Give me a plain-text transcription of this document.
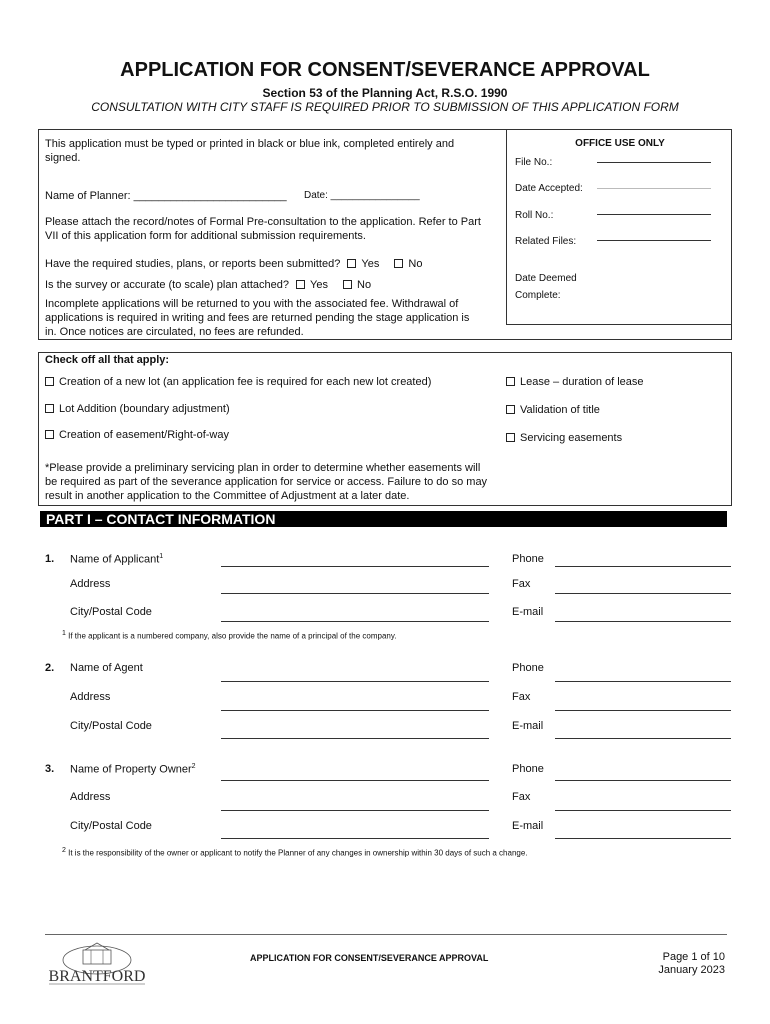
APPLICATION FOR CONSENT/SEVERANCE APPROVAL
Section 53 of the Planning Act, R.S.O. 1990
CONSULTATION WITH CITY STAFF IS REQUIRED PRIOR TO SUBMISSION OF THIS APPLICATION FORM
This application must be typed or printed in black or blue ink, completed entirely and signed.
Name of Planner: _________________________ Date: ________________
Please attach the record/notes of Formal Pre-consultation to the application. Refer to Part VII of this application form for additional submission requirements.
Have the required studies, plans, or reports been submitted? Yes	No
Is the survey or accurate (to scale) plan attached? Yes	No
Incomplete applications will be returned to you with the associated fee. Withdrawal of applications is required in writing and fees are returned pending the stage application is in. Once notices are circulated, no fees are refunded.
OFFICE USE ONLY
File No.:
Date Accepted:
Roll No.:
Related Files:
Date Deemed
Complete:
Check off all that apply:
Creation of a new lot (an application fee is required for each new lot created)
Lot Addition (boundary adjustment)
Creation of easement/Right-of-way
Lease – duration of lease
Validation of title
Servicing easements
*Please provide a preliminary servicing plan in order to determine whether easements will be required as part of the severance application for service or access. Failure to do so may result in another application to the Committee of Adjustment at a later date.
PART I – CONTACT INFORMATION
1. Name of Applicant$^1$	Phone
Address	Fax
City/Postal Code	E-mail
$^1$ If the applicant is a numbered company, also provide the name of a principal of the company.
2. Name of Agent	Phone
Address	Fax
City/Postal Code	E-mail
3. Name of Property Owner$^2$	Phone
Address	Fax
City/Postal Code	E-mail
$^2$ It is the responsibility of the owner or applicant to notify the Planner of any changes in ownership within 30 days of such a change.
BRANTFORD
APPLICATION FOR CONSENT/SEVERANCE APPROVAL	Page 1 of 10
January 2023
